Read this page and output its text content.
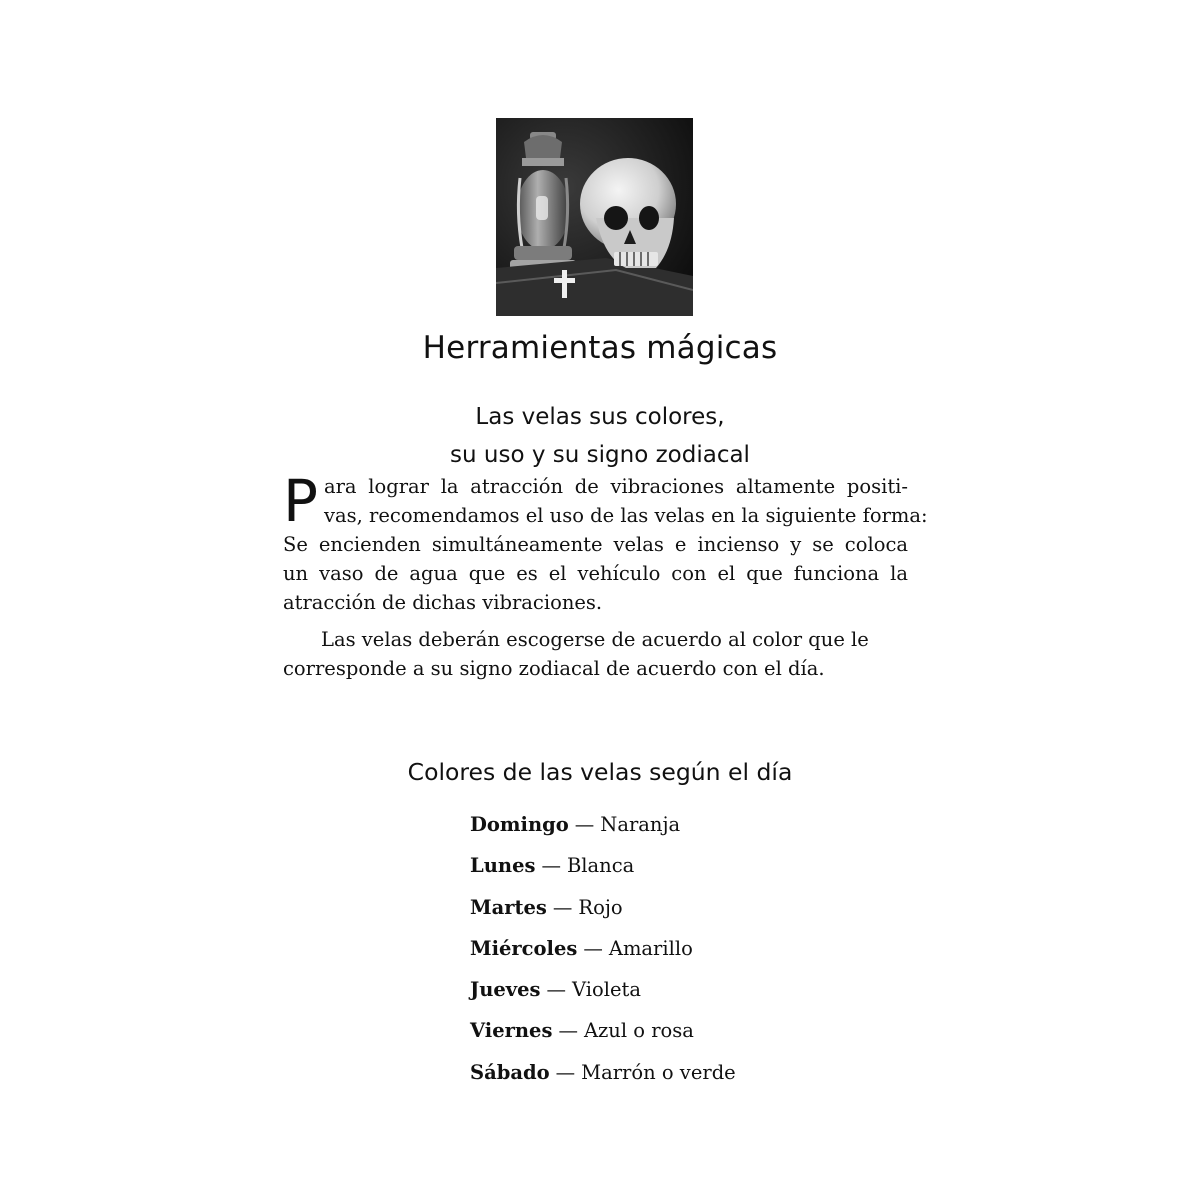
Herramientas mágicas
Las velas sus colores,
su uso y su signo zodiacal

P ara lograr la atracción de vibraciones altamente positi-
vas, recomendamos el uso de las velas en la siguiente forma:
Se encienden simultáneamente velas e incienso y se coloca
un vaso de agua que es el vehículo con el que funciona la
atracción de dichas vibraciones.

Las velas deberán escogerse de acuerdo al color que le
corresponde a su signo zodiacal de acuerdo con el día.

Colores de las velas según el día
Domingo — Naranja
Lunes — Blanca
Martes — Rojo
Miércoles — Amarillo
Jueves — Violeta
Viernes — Azul o rosa
Sábado — Marrón o verde
